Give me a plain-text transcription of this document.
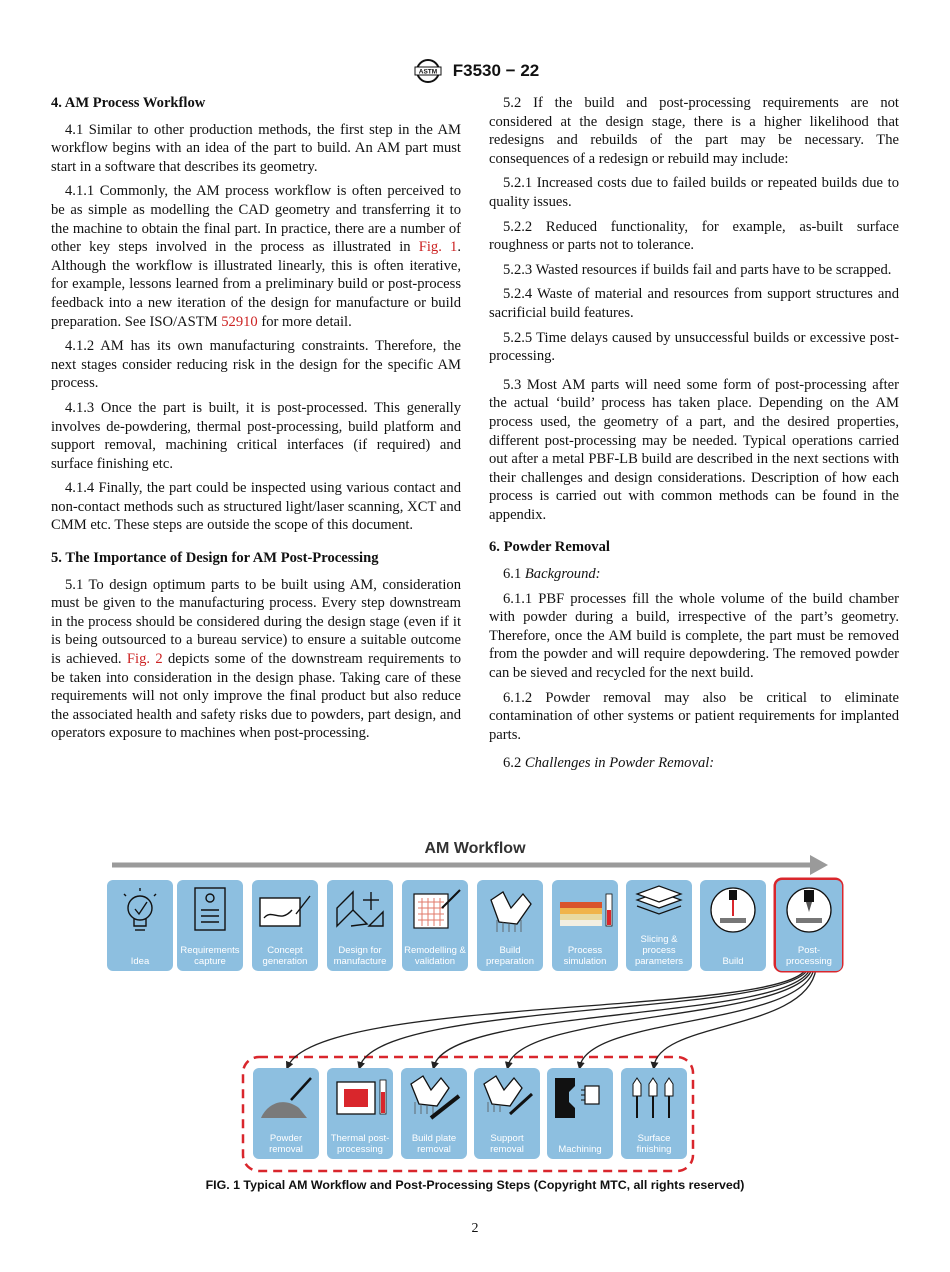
ASTM F3530 − 22
4. AM Process Workflow

4.1 Similar to other production methods, the first step in the AM workflow begins with an idea of the part to build. An AM part must start in a software that describes its geometry.

4.1.1 Commonly, the AM process workflow is often perceived to be as simple as modelling the CAD geometry and transferring it to the machine to obtain the final part. In practice, there are a number of other key steps involved in the process as illustrated in Fig. 1. Although the workflow is illustrated linearly, this is often iterative, for example, lessons learned from a preliminary build or post-process feedback into a new iteration of the design for manufacture or build preparation. See ISO/ASTM 52910 for more detail.

4.1.2 AM has its own manufacturing constraints. Therefore, the next stages consider reducing risk in the design for the specific AM process.

4.1.3 Once the part is built, it is post-processed. This generally involves de-powdering, thermal post-processing, build platform and support removal, machining critical interfaces (if required) and surface finishing etc.

4.1.4 Finally, the part could be inspected using various contact and non-contact methods such as structured light/laser scanning, XCT and CMM etc. These steps are outside the scope of this document.

5. The Importance of Design for AM Post-Processing

5.1 To design optimum parts to be built using AM, consideration must be given to the manufacturing process. Every step downstream in the process should be considered during the design stage (even if it is being outsourced to a bureau service) to ensure a suitable outcome is achieved. Fig. 2 depicts some of the downstream requirements to be taken into consideration in the design phase. Taking care of these requirements will not only improve the final product but also reduce the associated health and safety risks due to powders, part design, and operators exposure to machines when post-processing.

5.2 If the build and post-processing requirements are not considered at the design stage, there is a higher likelihood that redesigns and rebuilds of the part may be necessary. The consequences of a redesign or rebuild may include:

5.2.1 Increased costs due to failed builds or repeated builds due to quality issues.

5.2.2 Reduced functionality, for example, as-built surface roughness or parts not to tolerance.

5.2.3 Wasted resources if builds fail and parts have to be scrapped.

5.2.4 Waste of material and resources from support structures and sacrificial build features.

5.2.5 Time delays caused by unsuccessful builds or excessive post-processing.

5.3 Most AM parts will need some form of post-processing after the actual ‘build’ process has taken place. Depending on the AM process used, the geometry of a part, and the desired properties, different post-processing may be needed. Typical operations carried out after a metal PBF-LB build are described in the next sections with their challenges and design considerations. Description of how each process is carried out with common methods can be found in the appendix.

6. Powder Removal

6.1 Background:

6.1.1 PBF processes fill the whole volume of the build chamber with powder during a build, irrespective of the part’s geometry. Therefore, once the AM build is complete, the part must be removed from the powder and will require depowdering. The removed powder can be sieved and recycled for the next build.

6.1.2 Powder removal may also be critical to eliminate contamination of other systems or patient requirements for implanted parts.

6.2 Challenges in Powder Removal:

AM Workflow
Idea
Requirements capture
Concept generation
Design for manufacture
Remodelling & validation
Build preparation
Process simulation
Slicing & process parameters	Build
Post-processing
Powder removal
Thermal post-processing
Build plate removal
Support removal	Machining
Surface finishing
FIG. 1 Typical AM Workflow and Post-Processing Steps (Copyright MTC, all rights reserved)
2
